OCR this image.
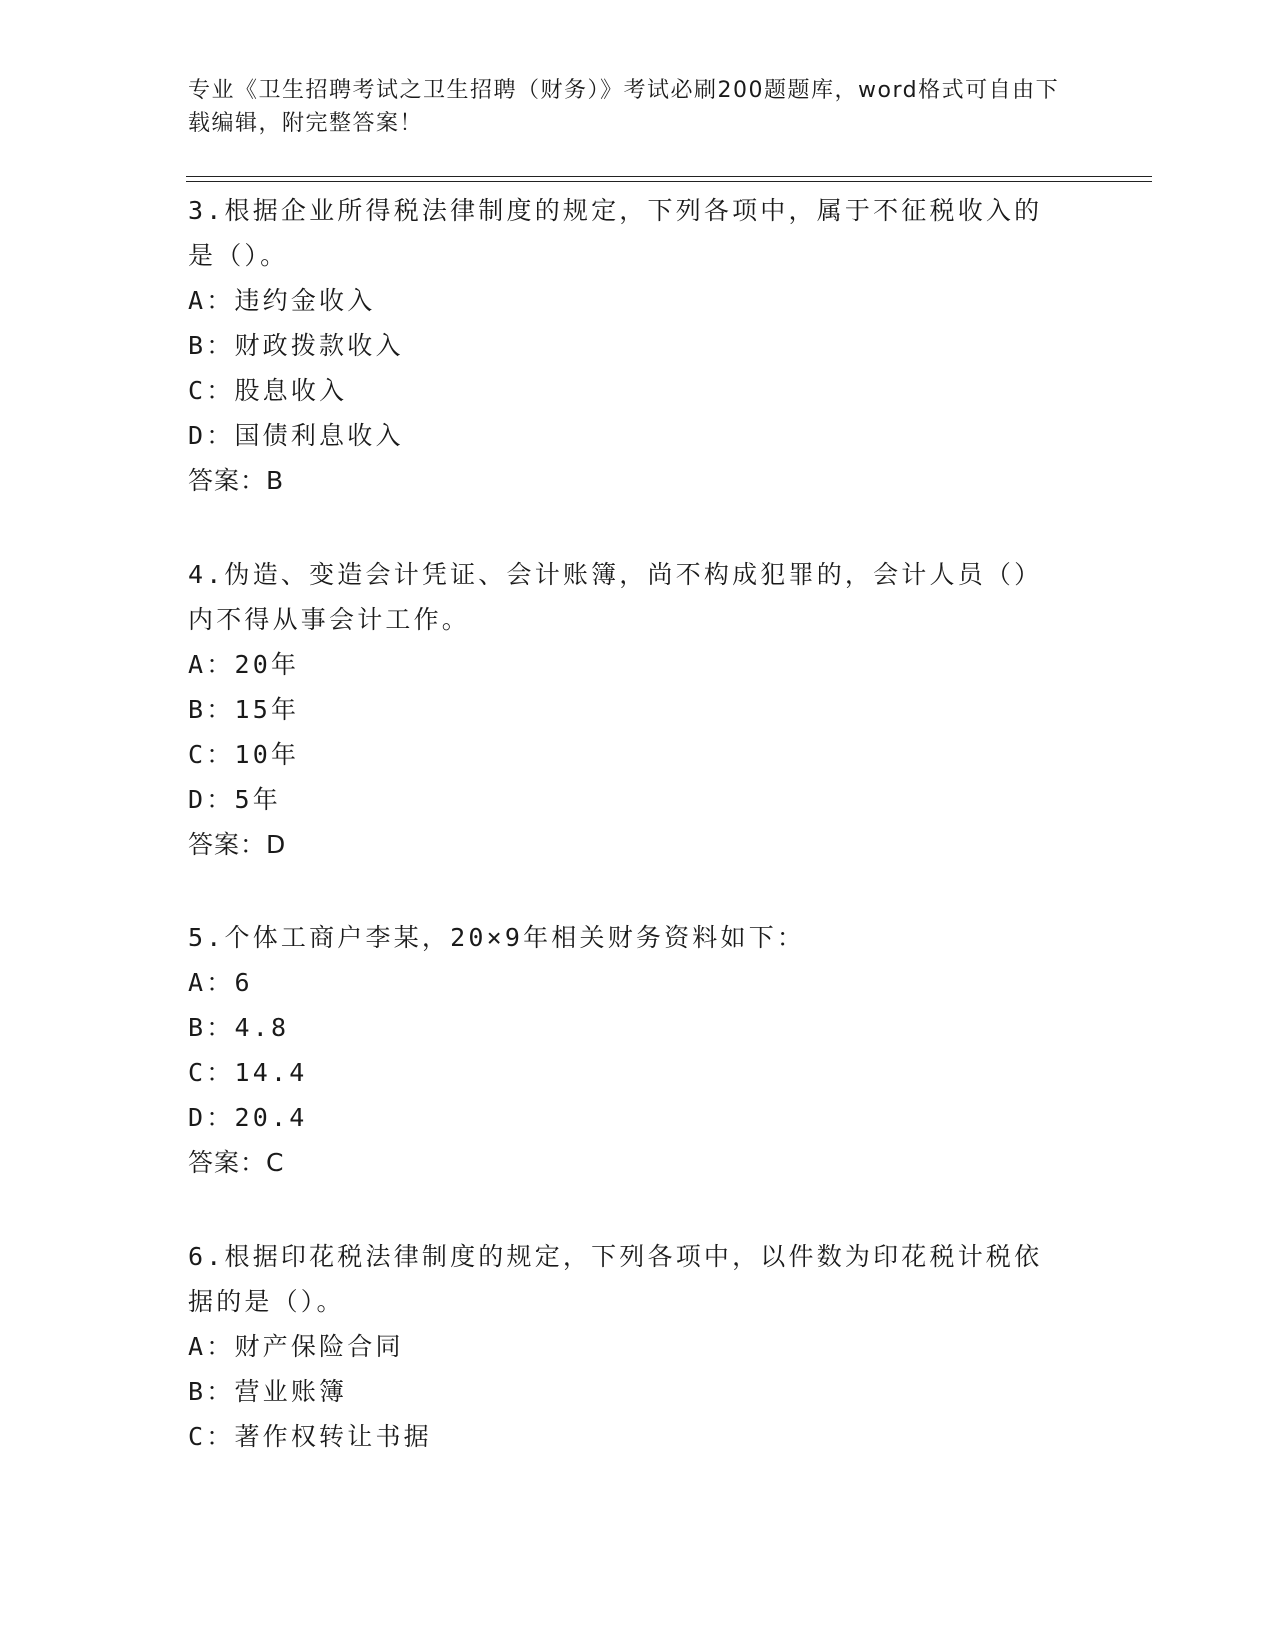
专业《卫生招聘考试之卫生招聘（财务）》考试必刷200题题库，word格式可自由下载编辑，附完整答案！

3.根据企业所得税法律制度的规定，下列各项中，属于不征税收入的是（）。

A：违约金收入

B：财政拨款收入

C：股息收入

D：国债利息收入

答案：B

4.伪造、变造会计凭证、会计账簿，尚不构成犯罪的，会计人员（）内不得从事会计工作。

A：20年

B：15年

C：10年

D：5年

答案：D

5.个体工商户李某，20×9年相关财务资料如下：

A：6

B：4.8

C：14.4

D：20.4

答案：C

6.根据印花税法律制度的规定，下列各项中，以件数为印花税计税依据的是（）。

A：财产保险合同

B：营业账簿

C：著作权转让书据
